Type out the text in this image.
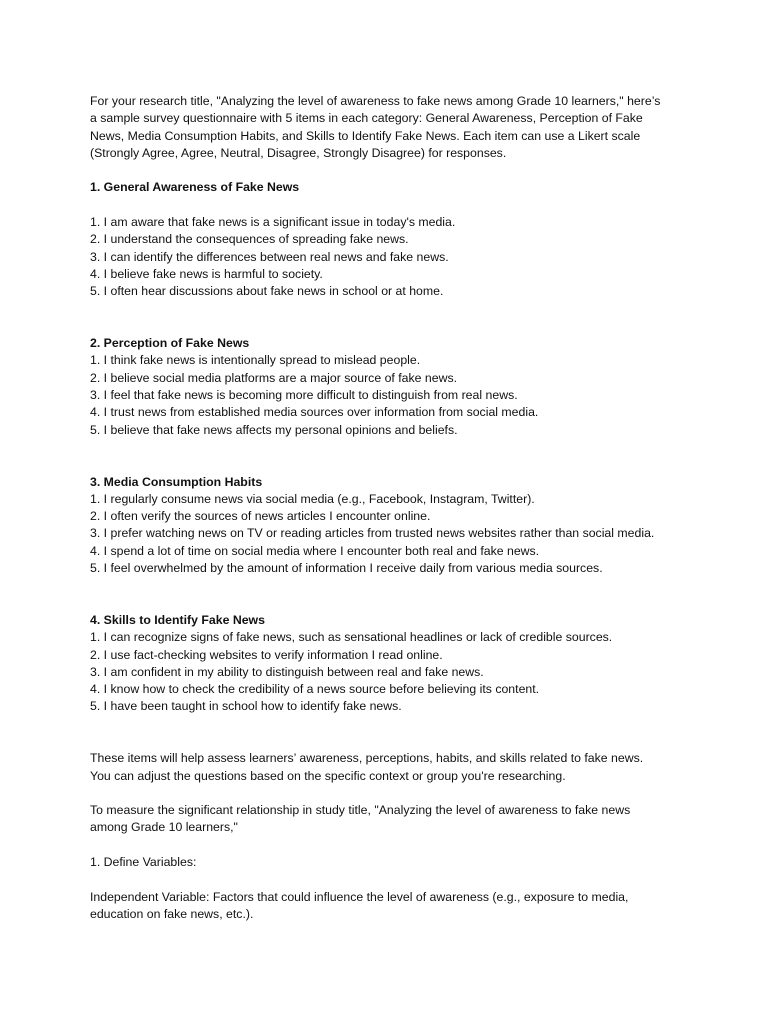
For your research title, "Analyzing the level of awareness to fake news among Grade 10 learners," here’s
a sample survey questionnaire with 5 items in each category: General Awareness, Perception of Fake
News, Media Consumption Habits, and Skills to Identify Fake News. Each item can use a Likert scale
(Strongly Agree, Agree, Neutral, Disagree, Strongly Disagree) for responses.
1. General Awareness of Fake News
1. I am aware that fake news is a significant issue in today's media.
2. I understand the consequences of spreading fake news.
3. I can identify the differences between real news and fake news.
4. I believe fake news is harmful to society.
5. I often hear discussions about fake news in school or at home.
2. Perception of Fake News
1. I think fake news is intentionally spread to mislead people.
2. I believe social media platforms are a major source of fake news.
3. I feel that fake news is becoming more difficult to distinguish from real news.
4. I trust news from established media sources over information from social media.
5. I believe that fake news affects my personal opinions and beliefs.
3. Media Consumption Habits
1. I regularly consume news via social media (e.g., Facebook, Instagram, Twitter).
2. I often verify the sources of news articles I encounter online.
3. I prefer watching news on TV or reading articles from trusted news websites rather than social media.
4. I spend a lot of time on social media where I encounter both real and fake news.
5. I feel overwhelmed by the amount of information I receive daily from various media sources.
4. Skills to Identify Fake News
1. I can recognize signs of fake news, such as sensational headlines or lack of credible sources.
2. I use fact-checking websites to verify information I read online.
3. I am confident in my ability to distinguish between real and fake news.
4. I know how to check the credibility of a news source before believing its content.
5. I have been taught in school how to identify fake news.
These items will help assess learners’ awareness, perceptions, habits, and skills related to fake news.
You can adjust the questions based on the specific context or group you're researching.
To measure the significant relationship in study title, "Analyzing the level of awareness to fake news
among Grade 10 learners,"
1. Define Variables:
Independent Variable: Factors that could influence the level of awareness (e.g., exposure to media,
education on fake news, etc.).
